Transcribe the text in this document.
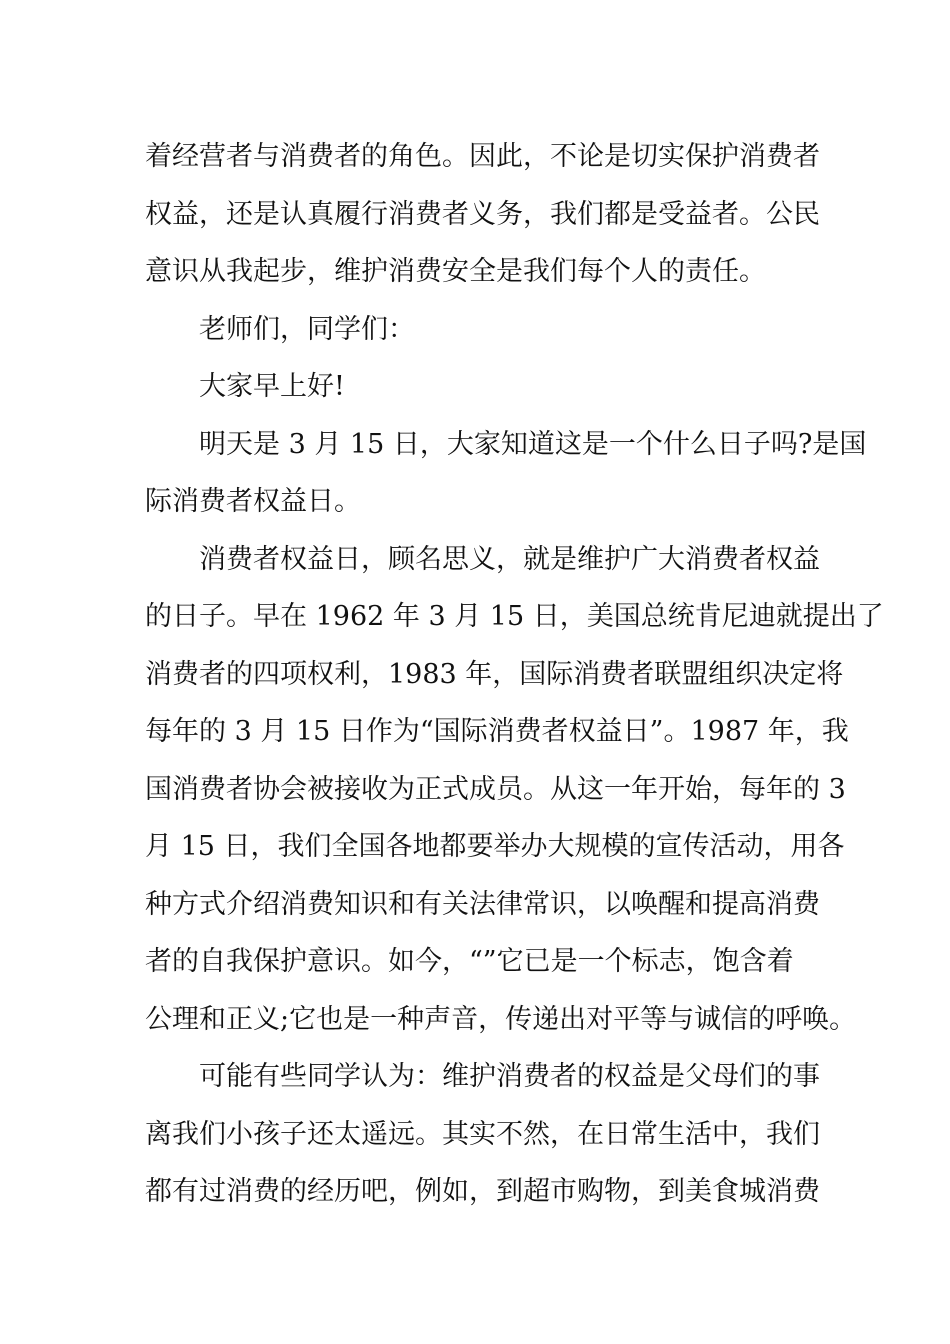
着经营者与消费者的角色。因此，不论是切实保护消费者
权益，还是认真履行消费者义务，我们都是受益者。公民
意识从我起步，维护消费安全是我们每个人的责任。
老师们，同学们：
大家早上好!
明天是 3 月 15 日，大家知道这是一个什么日子吗?是国
际消费者权益日。
消费者权益日，顾名思义，就是维护广大消费者权益
的日子。早在 1962 年 3 月 15 日，美国总统肯尼迪就提出了
消费者的四项权利，1983 年，国际消费者联盟组织决定将
每年的 3 月 15 日作为“国际消费者权益日”。1987 年，我
国消费者协会被接收为正式成员。从这一年开始，每年的 3
月 15 日，我们全国各地都要举办大规模的宣传活动，用各
种方式介绍消费知识和有关法律常识，以唤醒和提高消费
者的自我保护意识。如今，“”它已是一个标志，饱含着
公理和正义;它也是一种声音，传递出对平等与诚信的呼唤。
可能有些同学认为：维护消费者的权益是父母们的事
离我们小孩子还太遥远。其实不然，在日常生活中，我们
都有过消费的经历吧，例如，到超市购物，到美食城消费
